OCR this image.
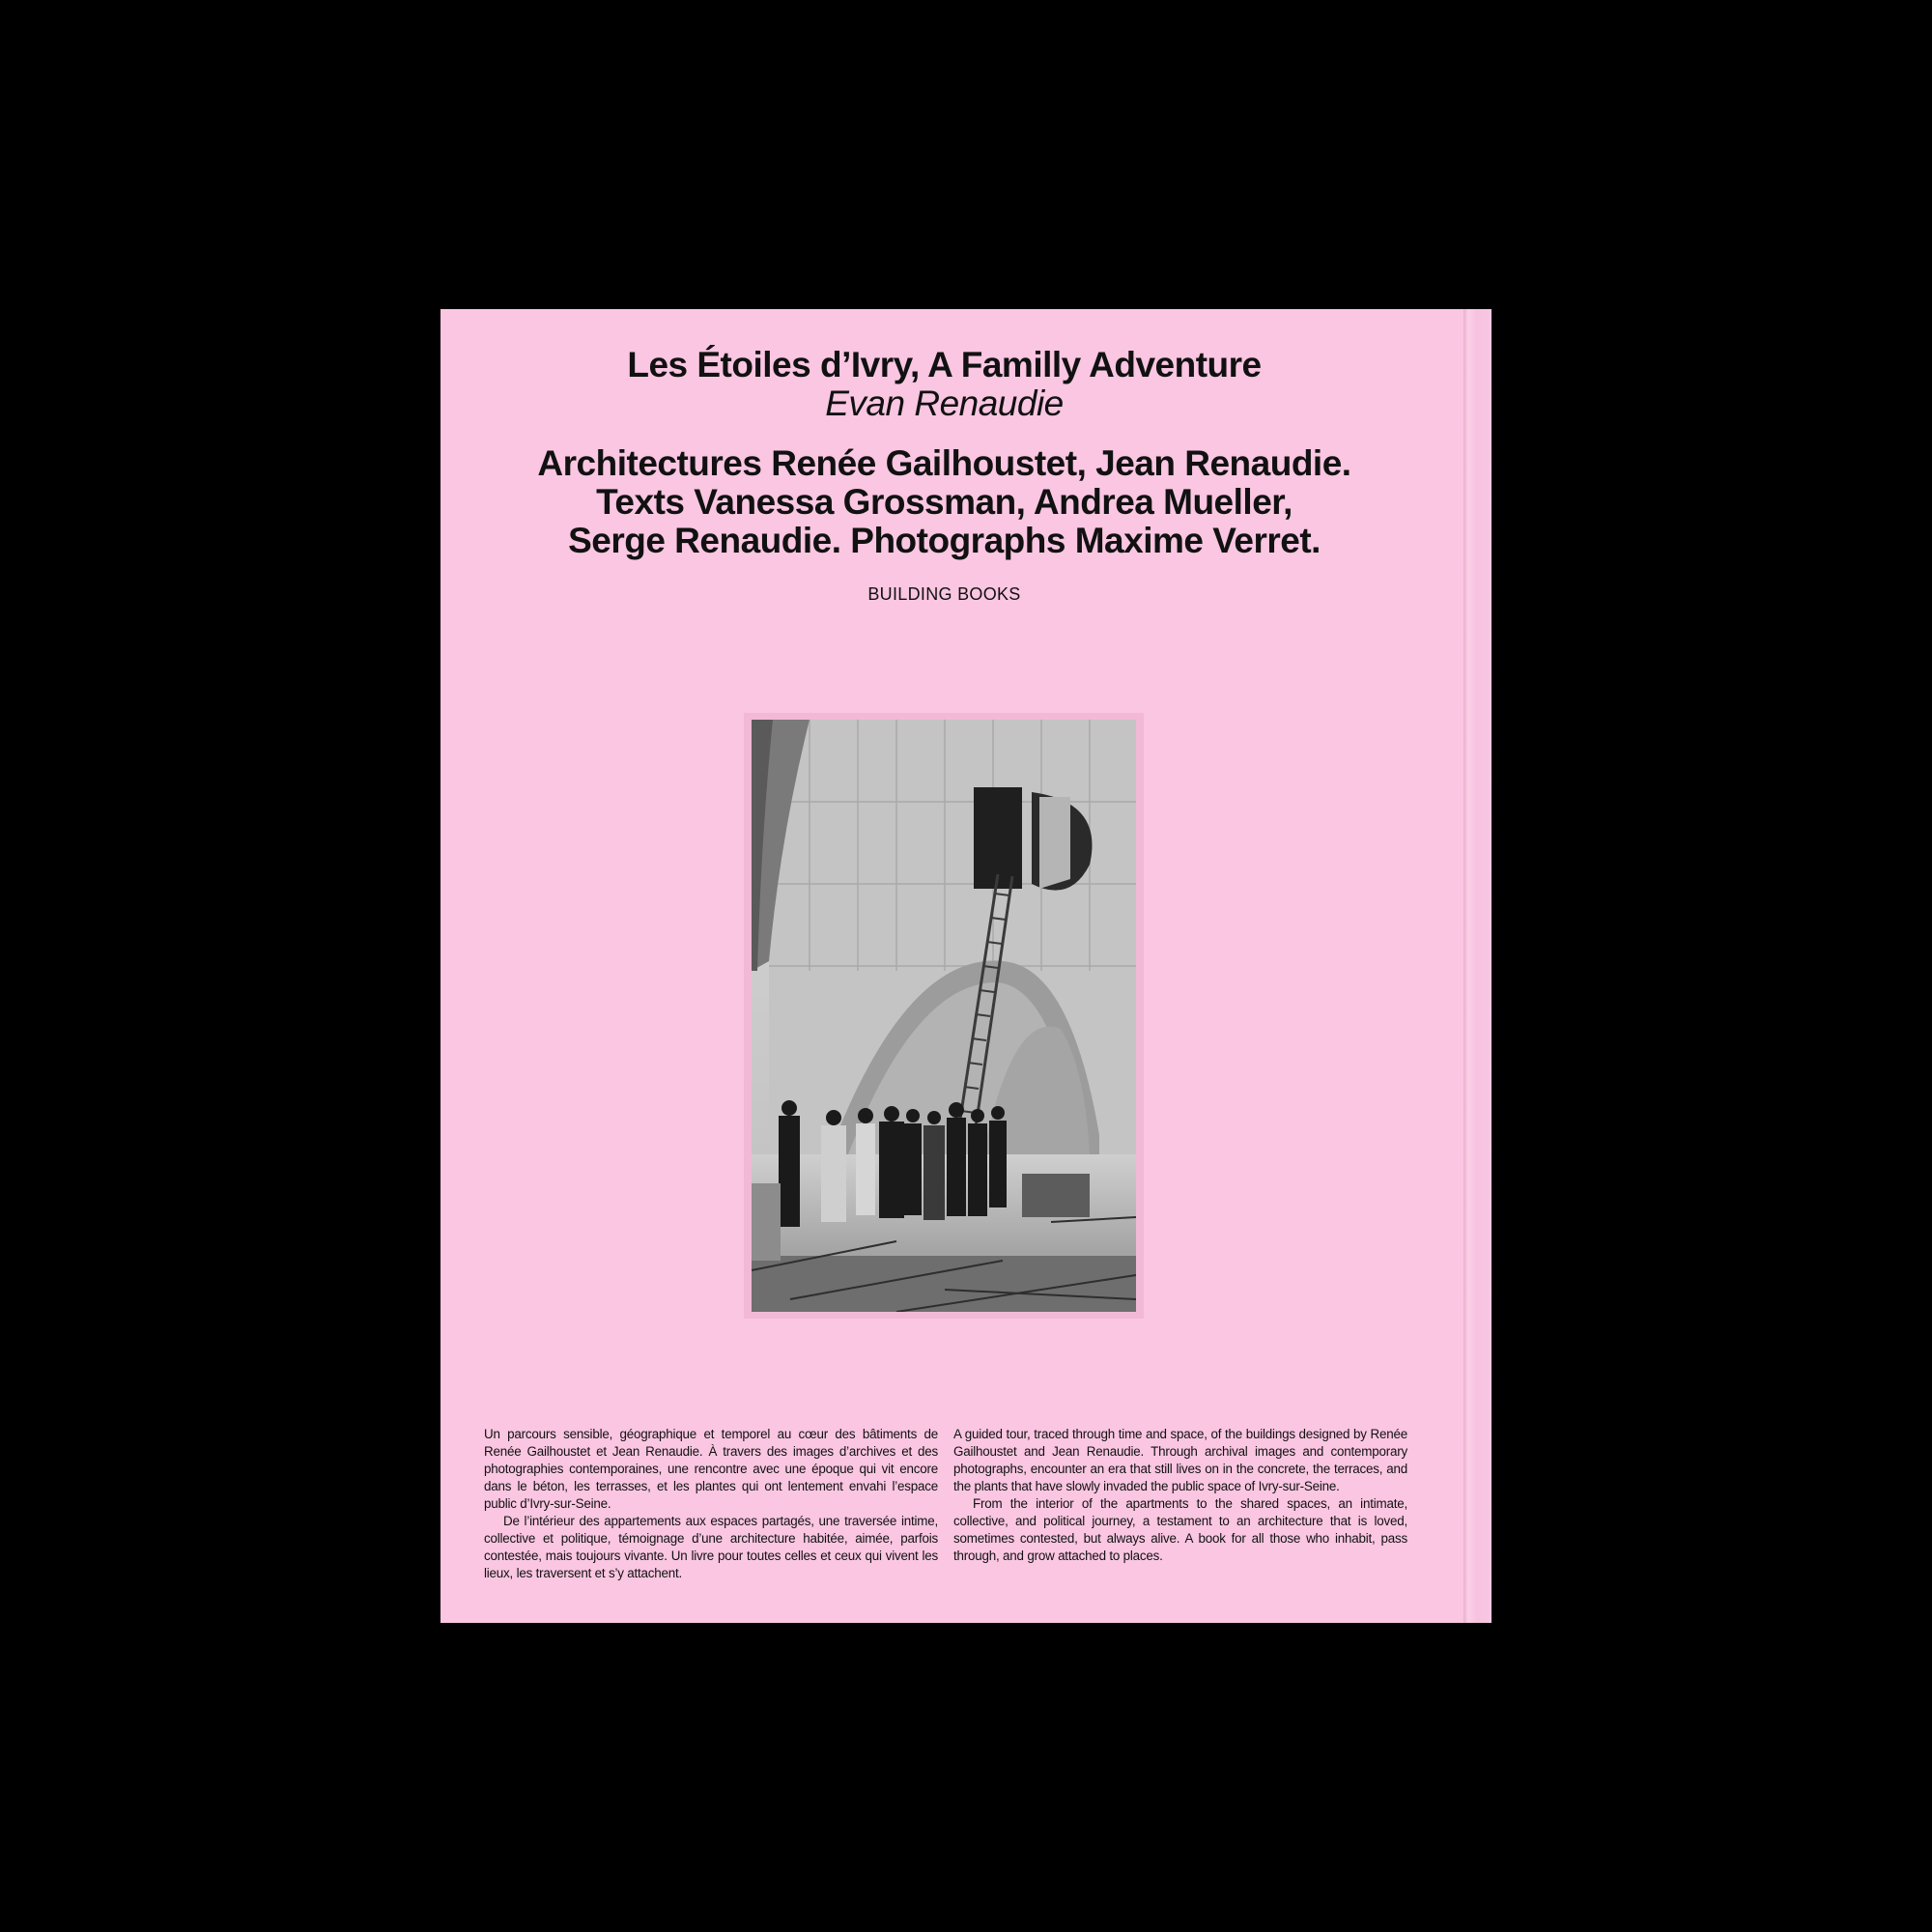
Les Étoiles d’Ivry, A Familly Adventure
Evan Renaudie
Architectures Renée Gailhoustet, Jean Renaudie.
Texts Vanessa Grossman, Andrea Mueller,
Serge Renaudie. Photographs Maxime Verret.
BUILDING BOOKS

Un parcours sensible, géographique et temporel au cœur des bâtiments de Renée Gailhoustet et Jean Renaudie. À travers des images d’archives et des photographies contemporaines, une rencontre avec une époque qui vit encore dans le béton, les terrasses, et les plantes qui ont lentement envahi l’espace public d’Ivry-sur-Seine.

De l’intérieur des appartements aux espaces partagés, une traversée intime, collective et politique, témoignage d’une architecture habitée, aimée, parfois contestée, mais toujours vivante. Un livre pour toutes celles et ceux qui vivent les lieux, les traversent et s’y attachent.

A guided tour, traced through time and space, of the buildings designed by Renée Gailhoustet and Jean Renaudie. Through archival images and contemporary photographs, encounter an era that still lives on in the concrete, the terraces, and the plants that have slowly invaded the public space of Ivry-sur-Seine.

From the interior of the apartments to the shared spaces, an intimate, collective, and political journey, a testament to an architecture that is loved, sometimes contested, but always alive. A book for all those who inhabit, pass through, and grow attached to places.
